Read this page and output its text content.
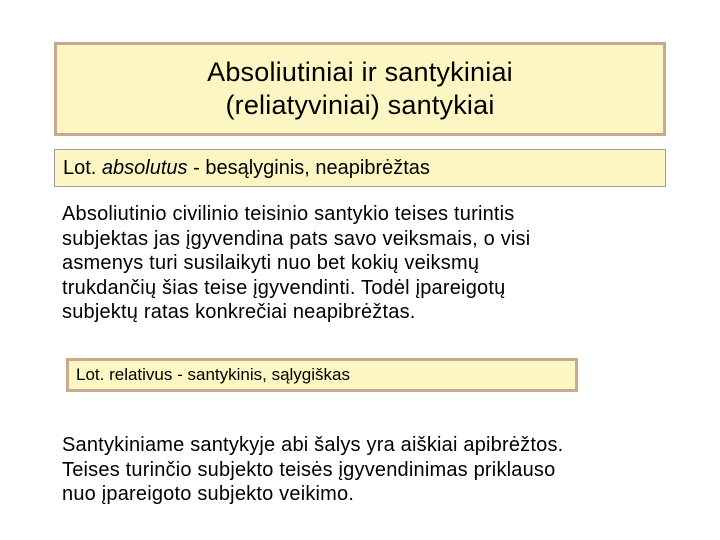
Absoliutiniai ir santykiniai
(reliatyviniai) santykiai
Lot. absolutus - besąlyginis, neapibrėžtas
Absoliutinio civilinio teisinio santykio teises turintis
subjektas jas įgyvendina pats savo veiksmais, o visi
asmenys turi susilaikyti nuo bet kokių veiksmų
trukdančių šias teise įgyvendinti. Todėl įpareigotų
subjektų ratas konkrečiai neapibrėžtas.
Lot. relativus - santykinis, sąlygiškas
Santykiniame santykyje abi šalys yra aiškiai apibrėžtos.
Teises turinčio subjekto teisės įgyvendinimas priklauso
nuo įpareigoto subjekto veikimo.
